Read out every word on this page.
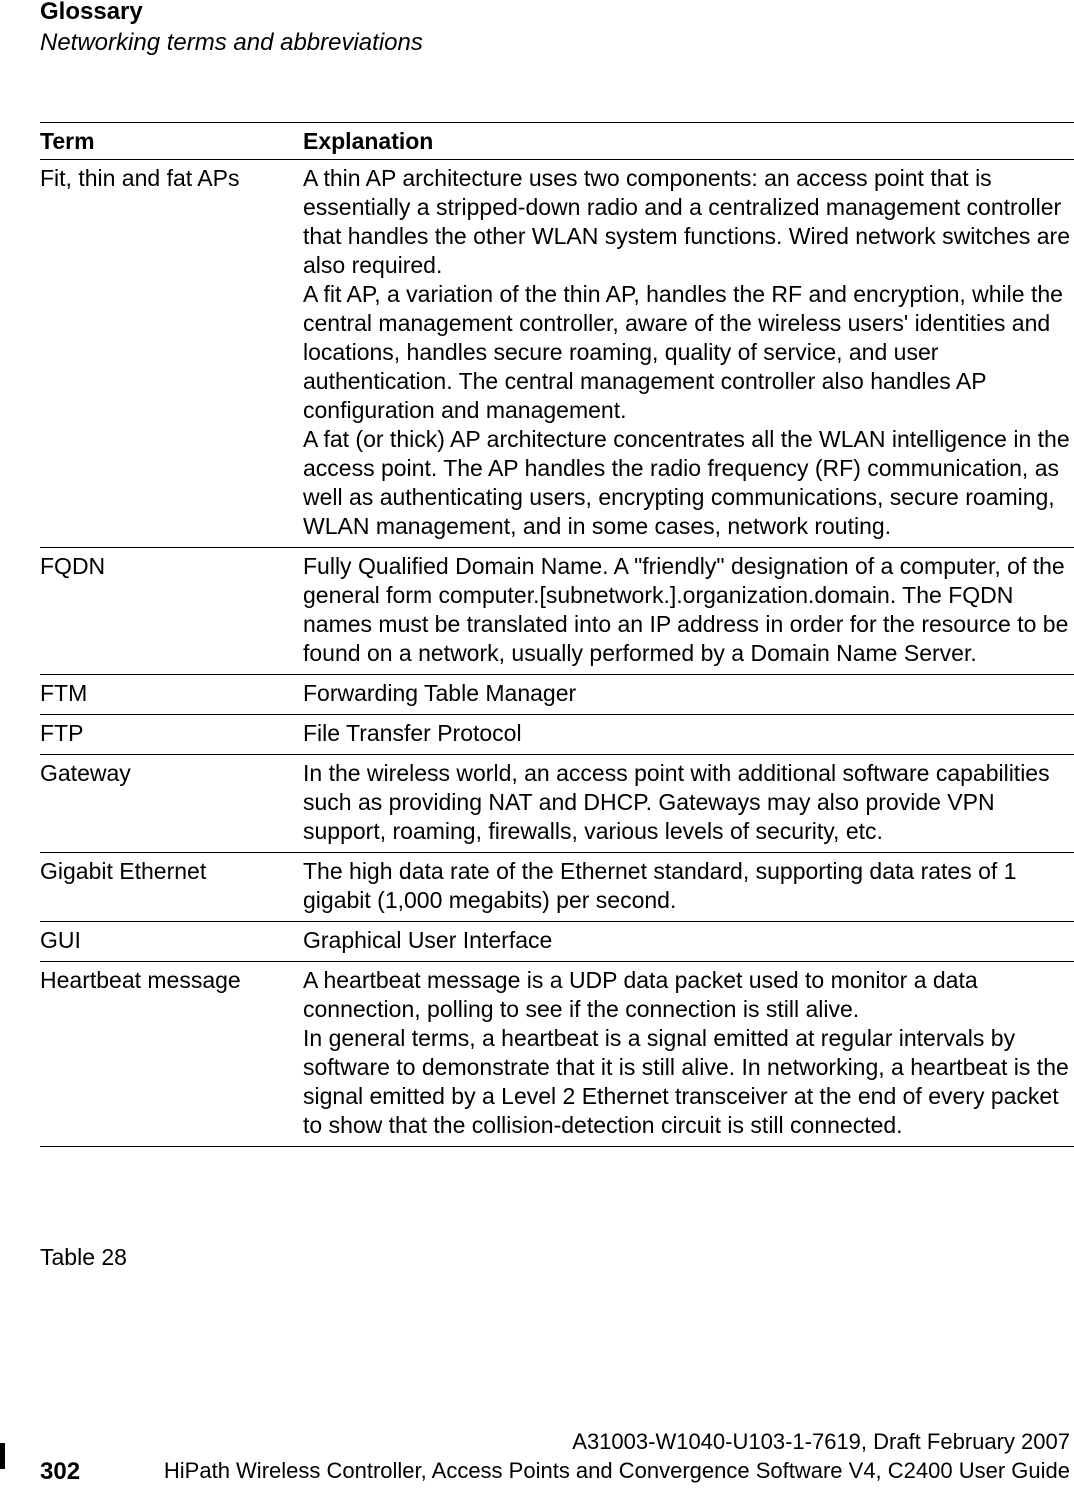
Glossary
Networking terms and abbreviations
Term	Explanation
Fit, thin and fat APs	A thin AP architecture uses two components: an access point that is essentially a stripped-down radio and a centralized management controller that handles the other WLAN system functions. Wired network switches are also required.
A fit AP, a variation of the thin AP, handles the RF and encryption, while the central management controller, aware of the wireless users' identities and locations, handles secure roaming, quality of service, and user authentication. The central management controller also handles AP configuration and management.
A fat (or thick) AP architecture concentrates all the WLAN intelligence in the access point. The AP handles the radio frequency (RF) communication, as well as authenticating users, encrypting communications, secure roaming, WLAN management, and in some cases, network routing.

FQDN	Fully Qualified Domain Name. A "friendly" designation of a computer, of the general form computer.[subnetwork.].organization.domain. The FQDN names must be translated into an IP address in order for the resource to be found on a network, usually performed by a Domain Name Server.

FTM	Forwarding Table Manager

FTP	File Transfer Protocol

Gateway	In the wireless world, an access point with additional software capabilities such as providing NAT and DHCP. Gateways may also provide VPN support, roaming, firewalls, various levels of security, etc.

Gigabit Ethernet	The high data rate of the Ethernet standard, supporting data rates of 1 gigabit (1,000 megabits) per second.

GUI	Graphical User Interface

Heartbeat message	A heartbeat message is a UDP data packet used to monitor a data connection, polling to see if the connection is still alive.
In general terms, a heartbeat is a signal emitted at regular intervals by software to demonstrate that it is still alive. In networking, a heartbeat is the signal emitted by a Level 2 Ethernet transceiver at the end of every packet to show that the collision-detection circuit is still connected.
Table 28
302
A31003-W1040-U103-1-7619, Draft February 2007
HiPath Wireless Controller, Access Points and Convergence Software V4, C2400 User Guide
